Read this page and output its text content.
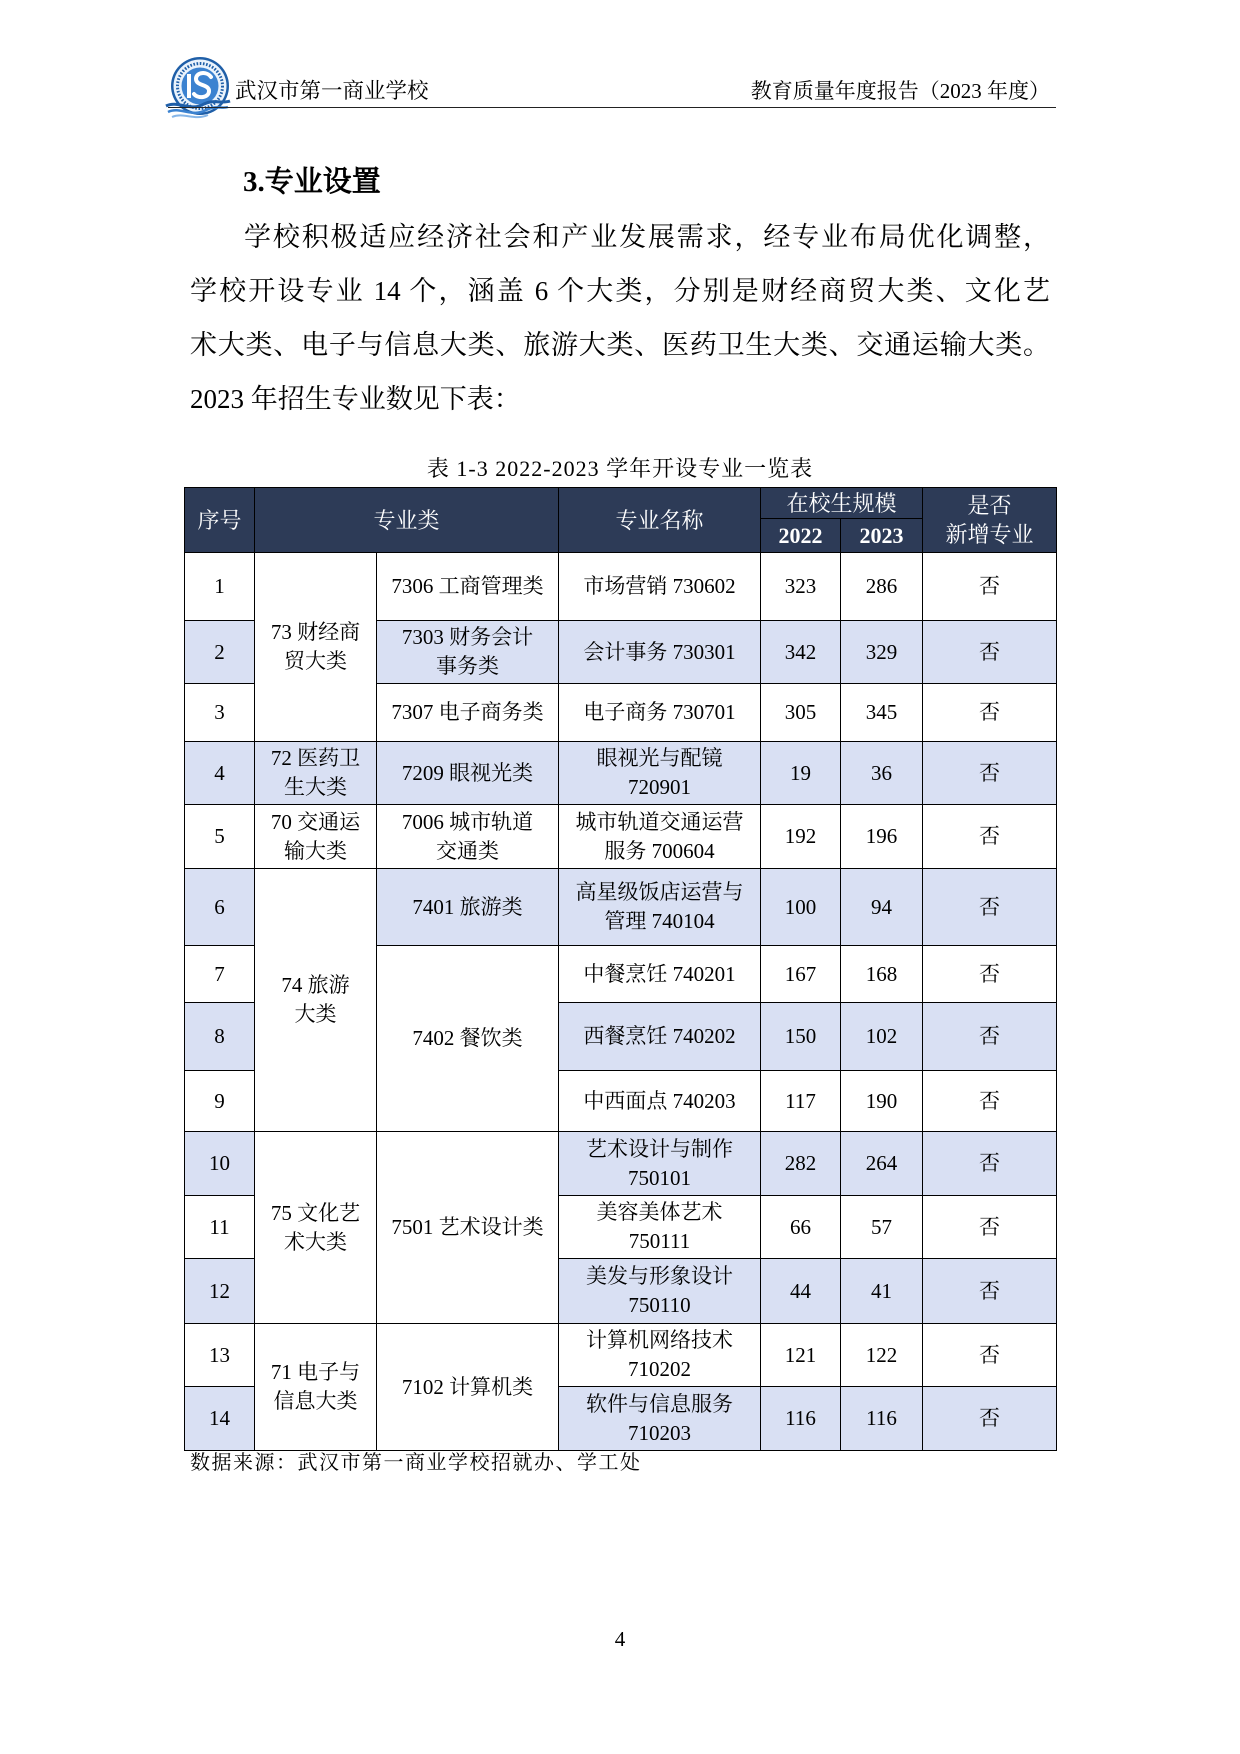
武汉市第一商业学校	教育质量年度报告（2023 年度）
3.专业设置
学校积极适应经济社会和产业发展需求，经专业布局优化调整，
学校开设专业 14 个，涵盖 6 个大类，分别是财经商贸大类、文化艺
术大类、电子与信息大类、旅游大类、医药卫生大类、交通运输大类。
2023 年招生专业数见下表：
表 1-3 2022-2023 学年开设专业一览表
序号	专业类		专业名称	在校生规模		是否
新增专业
				2022	2023	
1	73 财经商
贸大类	7306 工商管理类	市场营销 730602	323	286	否
2		7303 财务会计
事务类	会计事务 730301	342	329	否
3		7307 电子商务类	电子商务 730701	305	345	否
4	72 医药卫
生大类	7209 眼视光类	眼视光与配镜
720901	19	36	否
5	70 交通运
输大类	7006 城市轨道
交通类	城市轨道交通运营
服务 700604	192	196	否
6	74 旅游
大类	7401 旅游类	高星级饭店运营与
管理 740104	100	94	否
7		7402 餐饮类	中餐烹饪 740201	167	168	否
8			西餐烹饪 740202	150	102	否
9			中西面点 740203	117	190	否
10	75 文化艺
术大类	7501 艺术设计类	艺术设计与制作
750101	282	264	否
11			美容美体艺术
750111	66	57	否
12			美发与形象设计
750110	44	41	否
13	71 电子与
信息大类	7102 计算机类	计算机网络技术
710202	121	122	否
14			软件与信息服务
710203	116	116	否
数据来源：武汉市第一商业学校招就办、学工处
4
